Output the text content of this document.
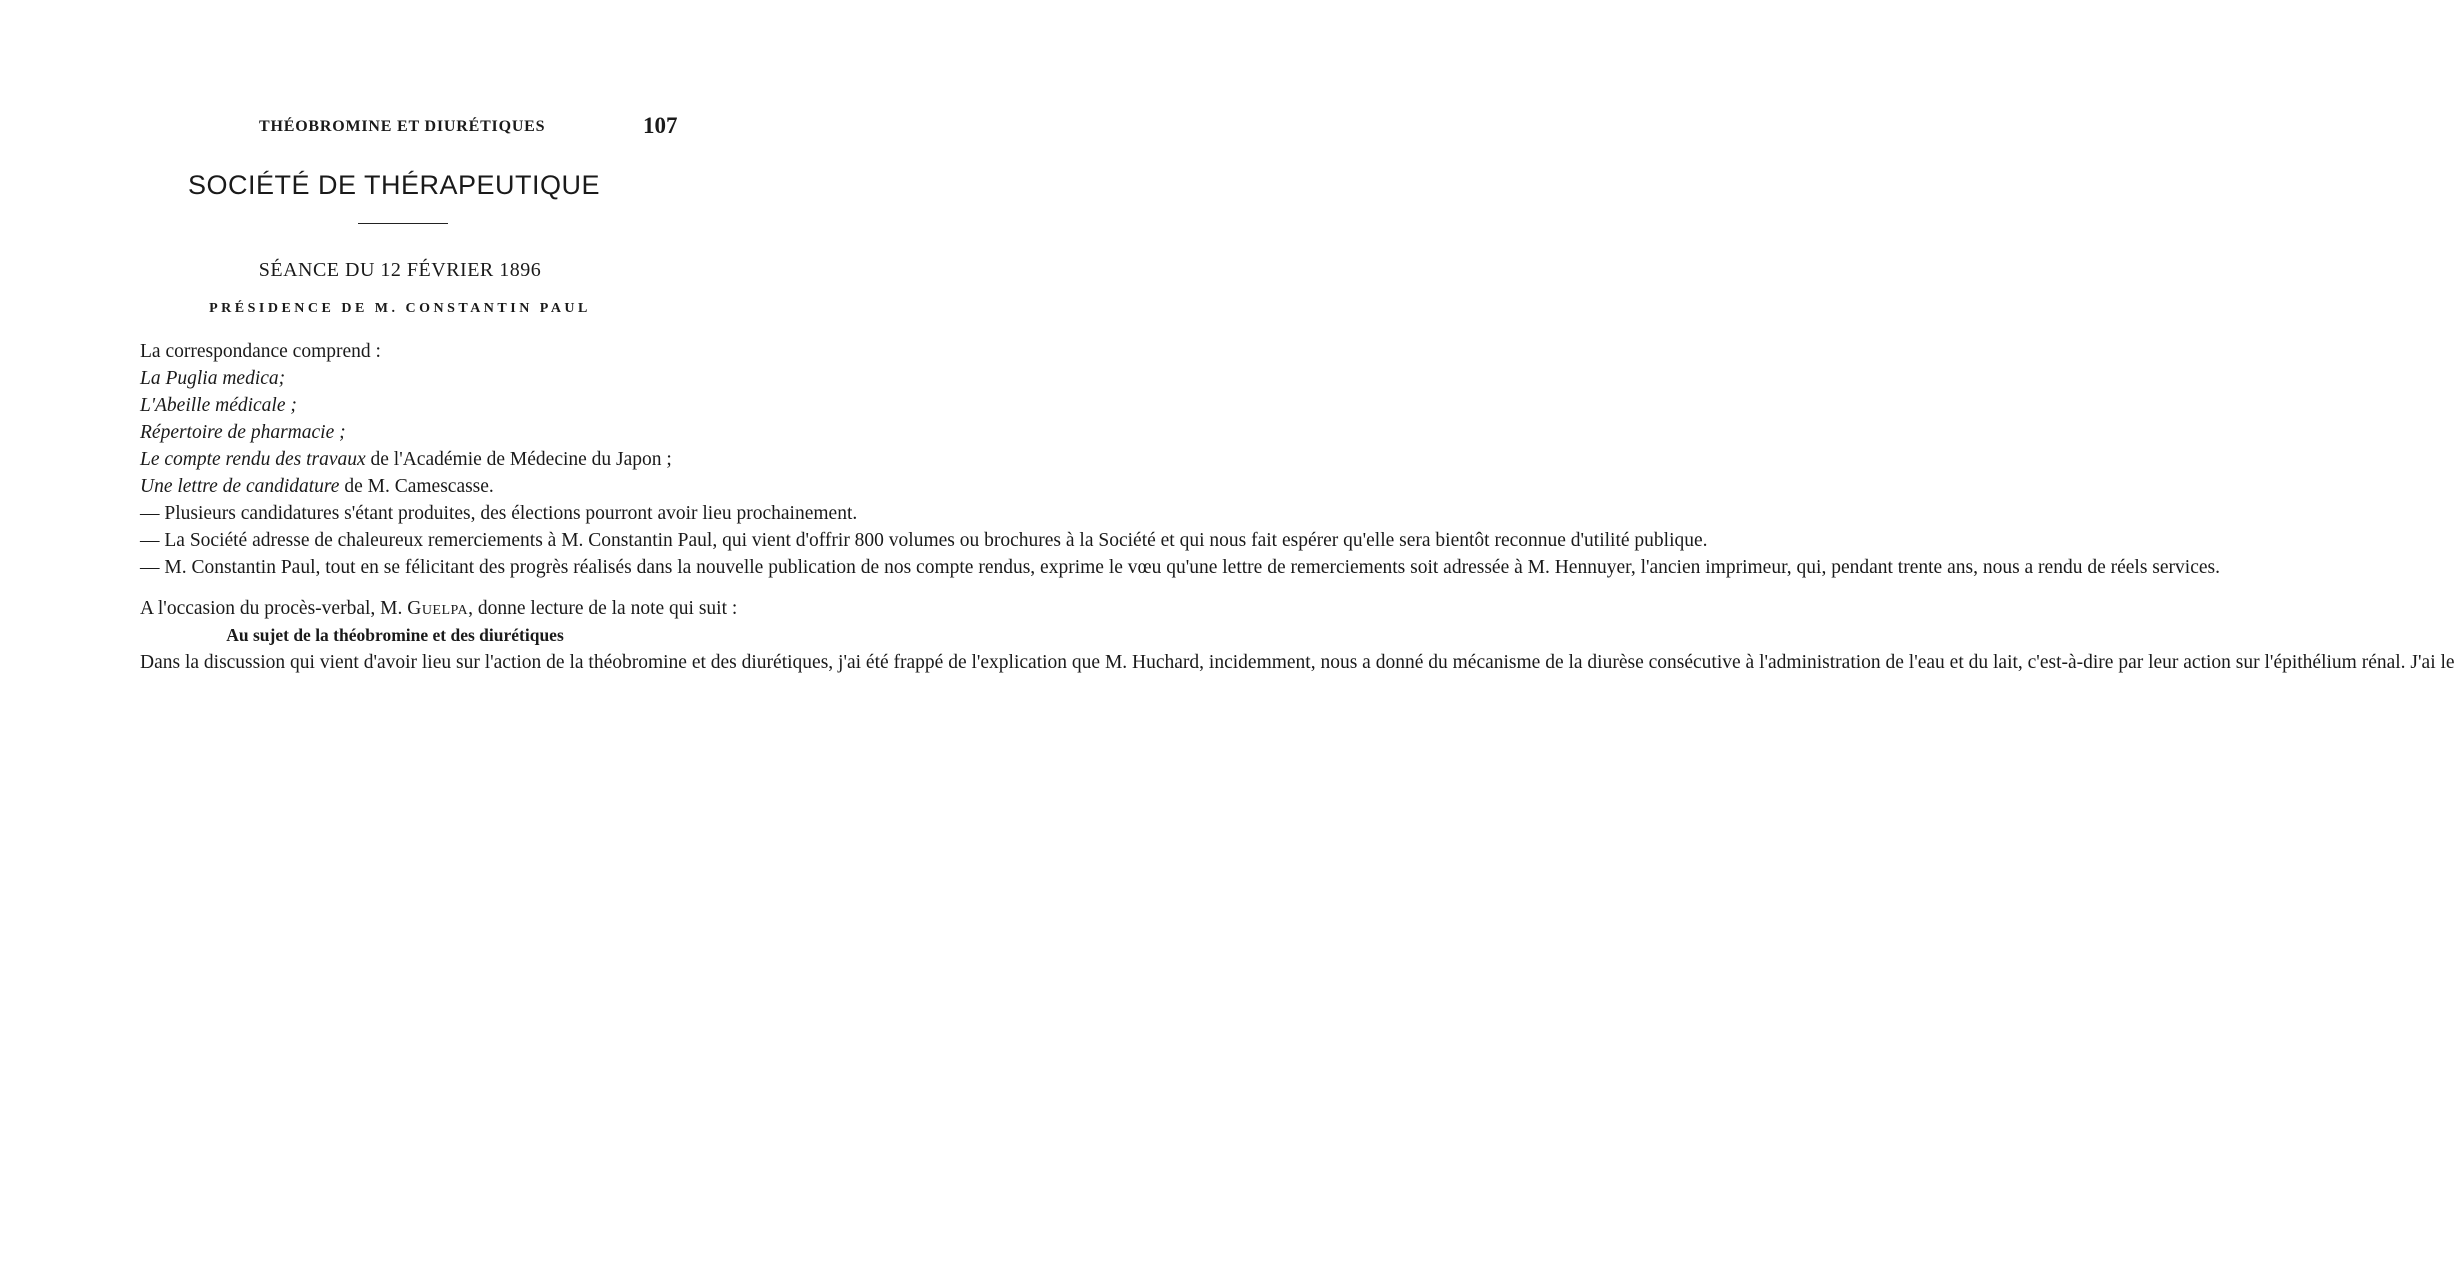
THÉOBROMINE ET DIURÉTIQUES	107
SOCIÉTÉ DE THÉRAPEUTIQUE
SÉANCE DU 12 FÉVRIER 1896
PRÉSIDENCE DE M. CONSTANTIN PAUL

La correspondance comprend :

La Puglia medica;

L'Abeille médicale ;

Répertoire de pharmacie ;

Le compte rendu des travaux de l'Académie de Médecine du Japon ;

Une lettre de candidature de M. Camescasse.

— Plusieurs candidatures s'étant produites, des élections pourront avoir lieu prochainement.

— La Société adresse de chaleureux remerciements à M. Constantin Paul, qui vient d'offrir 800 volumes ou brochures à la Société et qui nous fait espérer qu'elle sera bientôt reconnue d'utilité publique.

— M. Constantin Paul, tout en se félicitant des progrès réalisés dans la nouvelle publication de nos compte rendus, exprime le vœu qu'une lettre de remerciements soit adressée à M. Hennuyer, l'ancien imprimeur, qui, pendant trente ans, nous a rendu de réels services.

A l'occasion du procès-verbal, M. Guelpa, donne lecture de la note qui suit :

Au sujet de la théobromine et des diurétiques

Dans la discussion qui vient d'avoir lieu sur l'action de la théobromine et des diurétiques, j'ai été frappé de l'explication que M. Huchard, incidemment, nous a donné du mécanisme de la diurèse consécutive à l'administration de l'eau et du lait, c'est-à-dire par leur action sur l'épithélium rénal. J'ai le
